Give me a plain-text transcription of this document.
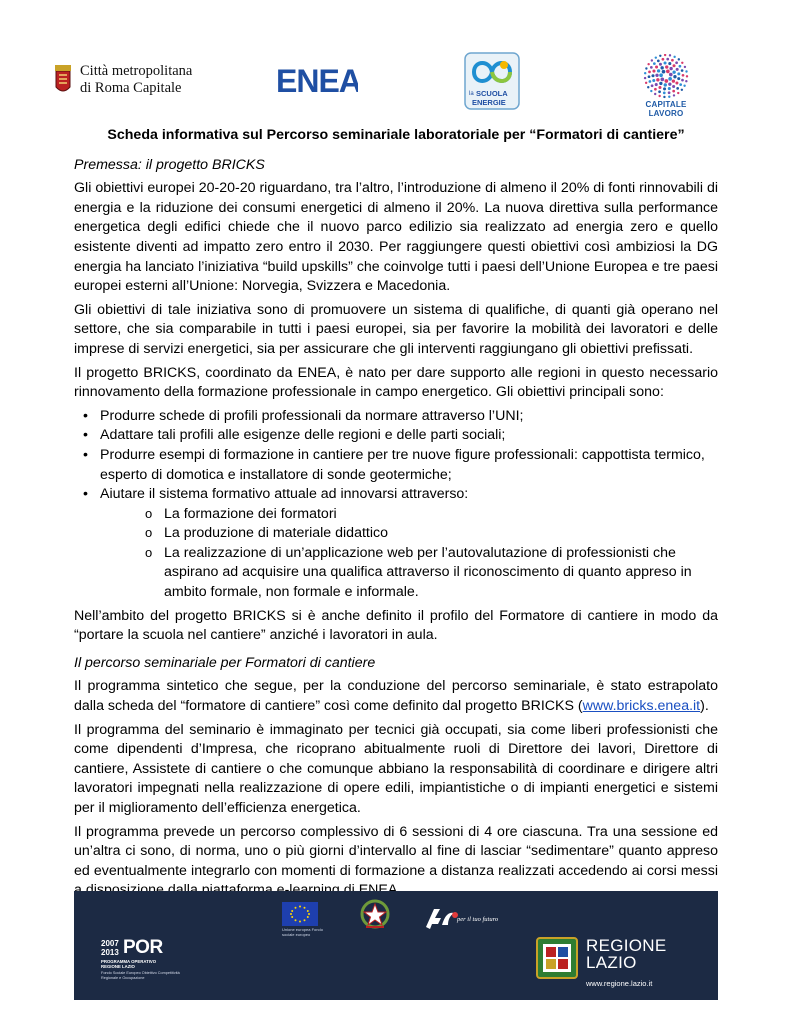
Città metropolitana
di Roma Capitale	ENEA	la SCUOLA
ENERGIE	CAPITALE LAVORO
Scheda informativa sul Percorso seminariale laboratoriale per “Formatori di cantiere”
Premessa: il progetto BRICKS

Gli obiettivi europei 20-20-20 riguardano, tra l’altro, l’introduzione di almeno il 20% di fonti rinnovabili di energia e la riduzione dei consumi energetici di almeno il 20%. La nuova direttiva sulla performance energetica degli edifici chiede che il nuovo parco edilizio sia realizzato ad energia zero e quello esistente diventi ad impatto zero entro il 2030. Per raggiungere questi obiettivi così ambiziosi la DG energia ha lanciato l’iniziativa “build upskills” che coinvolge tutti i paesi dell’Unione Europea e tre paesi europei esterni all’Unione: Norvegia, Svizzera e Macedonia.

Gli obiettivi di tale iniziativa sono di promuovere un sistema di qualifiche, di quanti già operano nel settore, che sia comparabile in tutti i paesi europei, sia per favorire la mobilità dei lavoratori e delle imprese di servizi energetici, sia per assicurare che gli interventi raggiungano gli obiettivi prefissati.

Il progetto BRICKS, coordinato da ENEA, è nato per dare supporto alle regioni in questo necessario rinnovamento della formazione professionale in campo energetico. Gli obiettivi principali sono:

• Produrre schede di profili professionali da normare attraverso l’UNI;
• Adattare tali profili alle esigenze delle regioni e delle parti sociali;
• Produrre esempi di formazione in cantiere per tre nuove figure professionali: cappottista termico, esperto di domotica e installatore di sonde geotermiche;
• Aiutare il sistema formativo attuale ad innovarsi attraverso:
o La formazione dei formatori
o La produzione di materiale didattico
o La realizzazione di un’applicazione web per l’autovalutazione di professionisti che aspirano ad acquisire una qualifica attraverso il riconoscimento di quanto appreso in ambito formale, non formale e informale.

Nell’ambito del progetto BRICKS si è anche definito il profilo del Formatore di cantiere in modo da “portare la scuola nel cantiere” anziché i lavoratori in aula.

Il percorso seminariale per Formatori di cantiere

Il programma sintetico che segue, per la conduzione del percorso seminariale, è stato estrapolato dalla scheda del “formatore di cantiere” così come definito dal progetto BRICKS (www.bricks.enea.it).

Il programma del seminario è immaginato per tecnici già occupati, sia come liberi professionisti che come dipendenti d’Impresa, che ricoprano abitualmente ruoli di Direttore dei lavori, Direttore di cantiere, Assistete di cantiere o che comunque abbiano la responsabilità di coordinare e dirigere altri lavoratori impegnati nella realizzazione di opere edili, impiantistiche o di impianti energetici e sistemi per il miglioramento dell’efficienza energetica.

Il programma prevede un percorso complessivo di 6 sessioni di 4 ore ciascuna. Tra una sessione ed un’altra ci sono, di norma, uno o più giorni d’intervallo al fine di lasciar “sedimentare” quanto appreso ed eventualmente integrarlo con momenti di formazione a distanza realizzati accedendo ai corsi messi

Unione europea Fondo sociale europeo
per il tuo futuro
2007
2013 POR
PROGRAMMA OPERATIVO
REGIONE LAZIO
Fondo Sociale Europeo Obiettivo Competitività Regionale e Occupazione
REGIONE
LAZIO
www.regione.lazio.it
